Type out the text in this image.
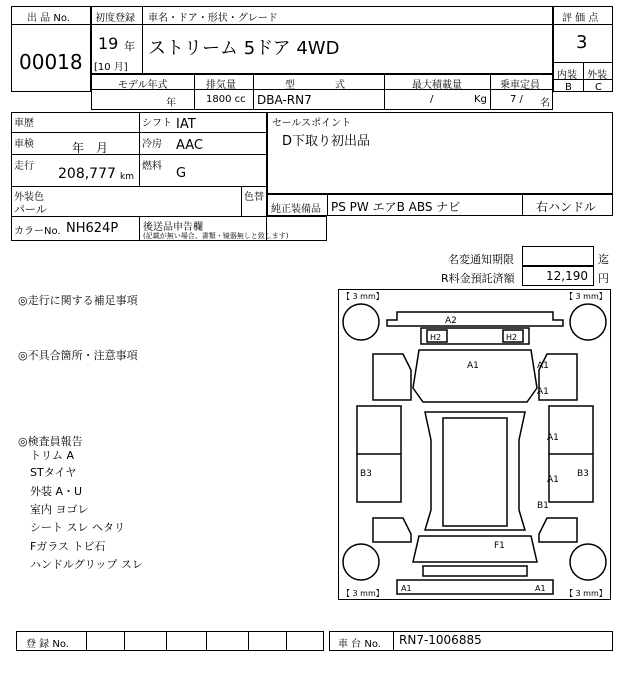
出 品 No.
00018
初度登録 車名・ドア・形状・グレード
19 年
[10 月]
ストリーム 5ドア 4WD
評 価 点
3
内装 外装
B C
モデル年式	排気量	型　　　　式	最大積載量	乗車定員
年	1800 cc DBA-RN7	/	Kg 7 / 名
車歴	シフト IAT
車検	年　月	冷房 AAC
走行 208,777 km
燃料 G
外装色
パール
色替
カラーNo. NH624P 後送品申告欄
(記載が無い場合、書類・镜器無しと致します)
セールスポイント
D下取り初出品
純正装備品 PS PW エアB ABS ナビ	右ハンドル
名変通知期限	迄
R料金預託済額	12,190 円
◎走行に関する補足事項
◎不具合箇所・注意事項
◎検査員報告
トリム A
STタイヤ
外装 A・U
室内 ヨゴレ
シート スレ ヘタリ
Fガラス トビ石
ハンドルグリップ スレ
【 3 mm】	【 3 mm】
【 3 mm】	【 3 mm】
A2
H2	H2
A1	A1
A1
A1
A1
B3
B1
B3
F1
A1	A1
登 録 No.	車 台 No. RN7-1006885
